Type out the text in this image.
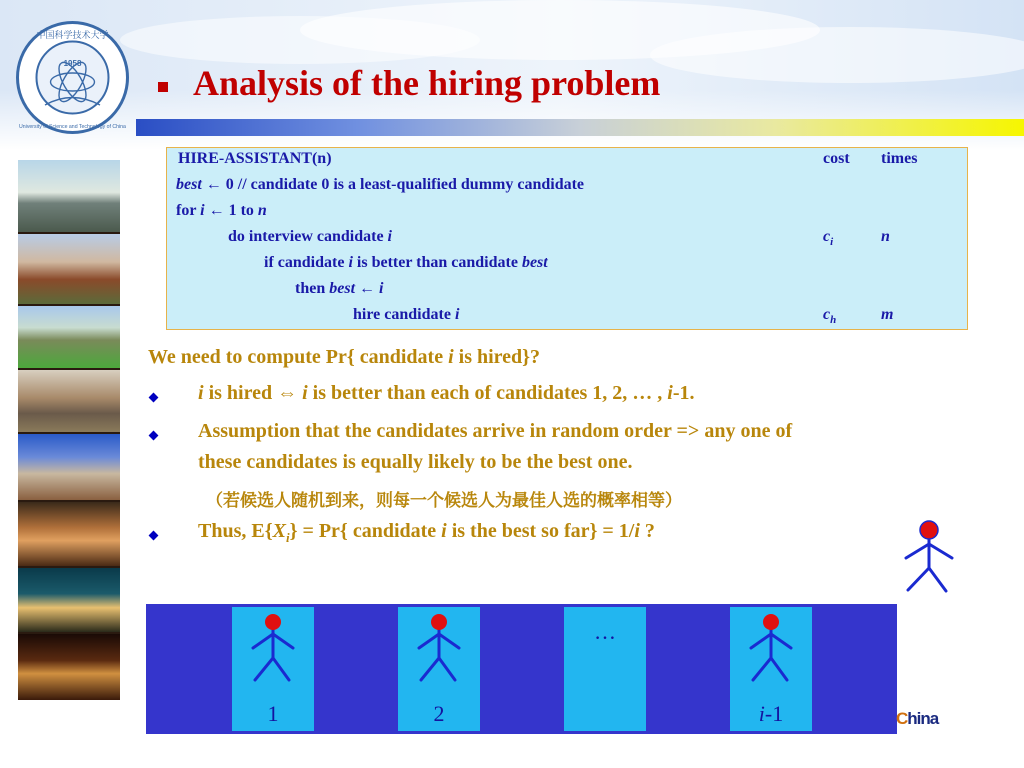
1958
中国科学技术大学
University of Science and Technology of China
Analysis of the hiring problem
HIRE-ASSISTANT(n)	cost times
best ← 0 // candidate 0 is a least-qualified dummy candidate
for i ← 1 to n
do interview candidate i	$c_i$	n
if candidate i is better than candidate best
then best ← i
hire candidate i	$c_h$	m
We need to compute Pr{ candidate i is hired}?
i is hired ⇔ i is better than each of candidates 1, 2, … , i-1.
Assumption that the candidates arrive in random order => any one of
these candidates is equally likely to be the best one.
（若候选人随机到来，则每一个候选人为最佳人选的概率相等）
Thus, $E\{X_i\} = Pr${ candidate i is the best so far} = 1/i ?
1	2
…
i-1	China
